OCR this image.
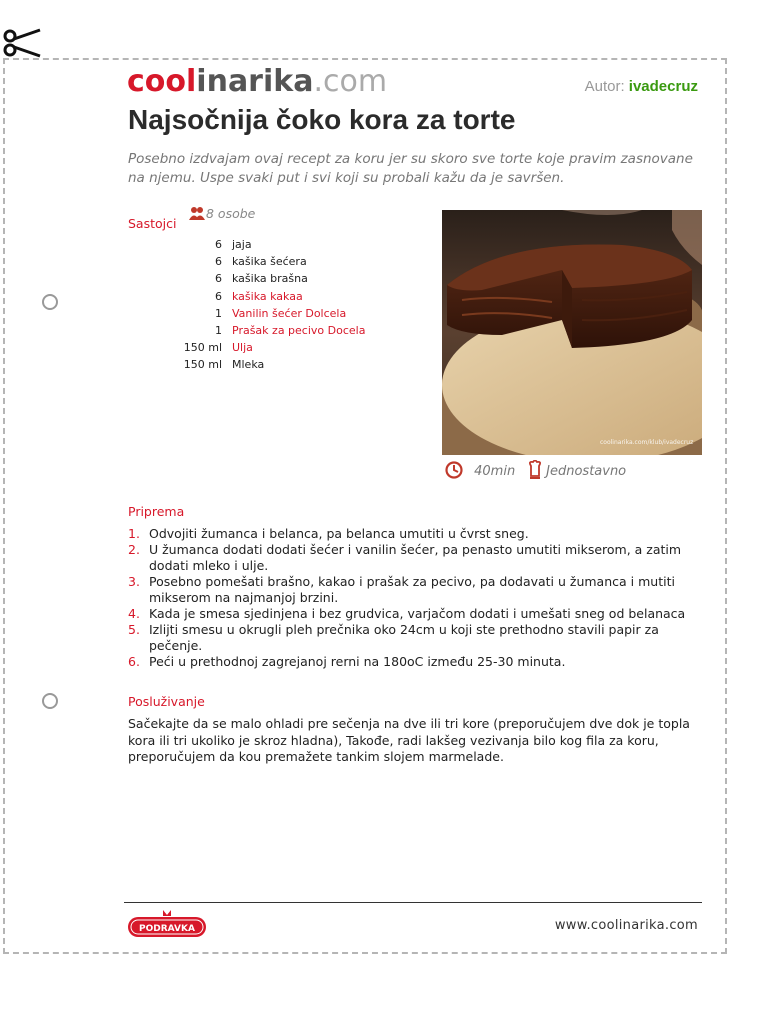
coolinarika.com	Autor: ivadecruz
Najsočnija čoko kora za torte

Posebno izdvajam ovaj recept za koru jer su skoro sve torte koje pravim zasnovane na njemu. Uspe svaki put i svi koji su probali kažu da je savršen.

Sastojci
8 osobe
6	jaja
6	kašika šećera
6	kašika brašna
6	kašika kakaa
1	Vanilin šećer Dolcela
1	Prašak za pecivo Docela
150 ml	Ulja
150 ml	Mleka
coolinarika.com/klub/ivadecruz
40min	Jednostavno
Priprema
1. Odvojiti žumanca i belanca, pa belanca umutiti u čvrst sneg.
2. U žumanca dodati dodati šećer i vanilin šećer, pa penasto umutiti mikserom, a zatim dodati mleko i ulje.
3. Posebno pomešati brašno, kakao i prašak za pecivo, pa dodavati u žumanca i mutiti mikserom na najmanjoj brzini.
4. Kada je smesa sjedinjena i bez grudvica, varjačom dodati i umešati sneg od belanaca
5. Izlijti smesu u okrugli pleh prečnika oko 24cm u koji ste prethodno stavili papir za pečenje.
6. Peći u prethodnoj zagrejanoj rerni na 180oC između 25-30 minuta.
Posluživanje

Sačekajte da se malo ohladi pre sečenja na dve ili tri kore (preporučujem dve dok je topla kora ili tri ukoliko je skroz hladna), Takođe, radi lakšeg vezivanja bilo kog fila za koru, preporučujem da kou premažete tankim slojem marmelade.

PODRAVKA	www.coolinarika.com
